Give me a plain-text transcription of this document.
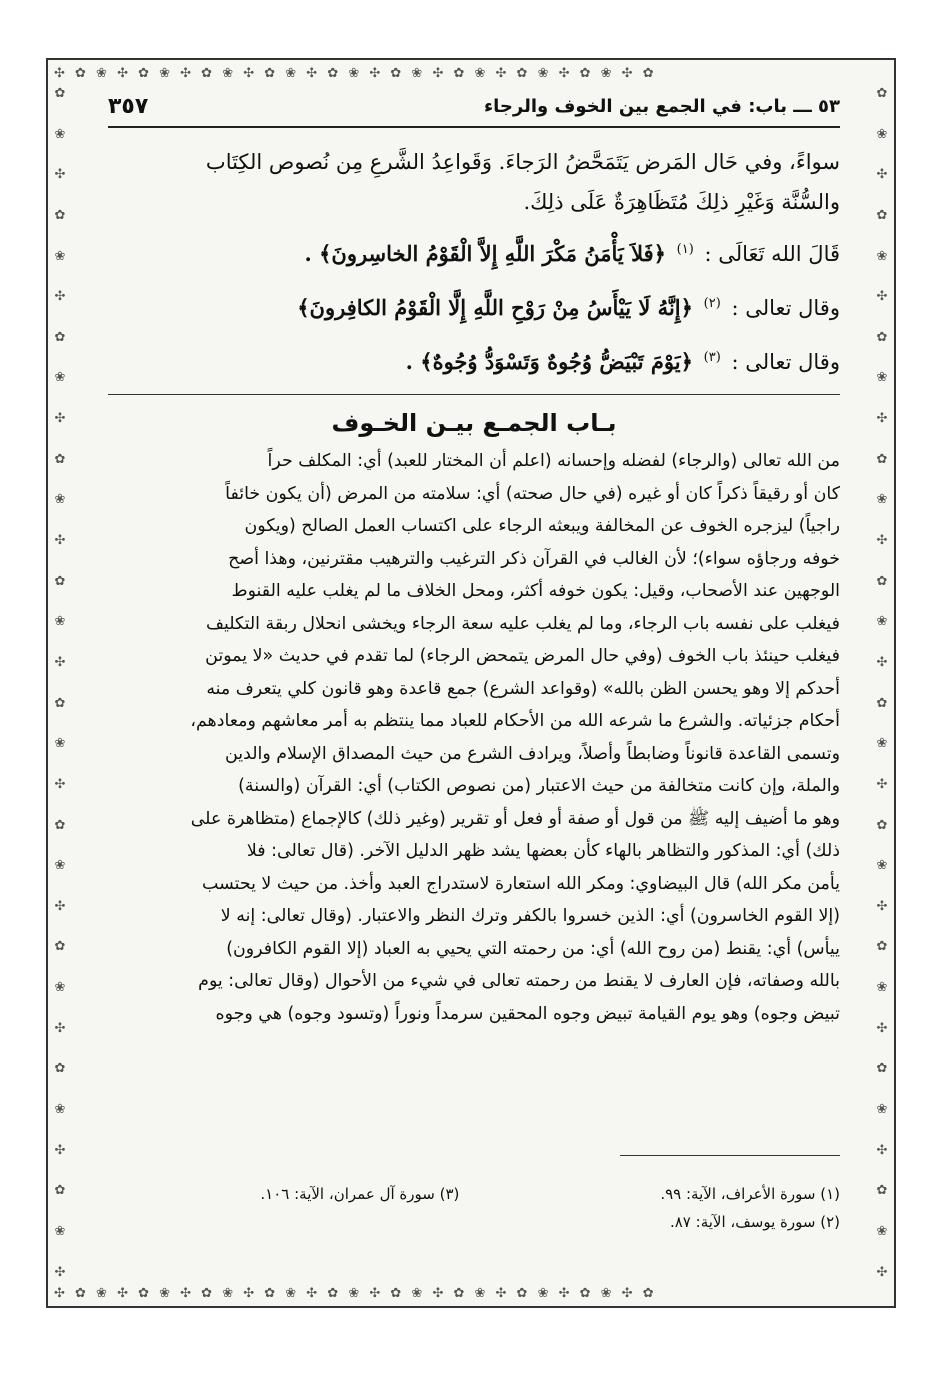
✣ ✿ ❀ ✣ ✿ ❀ ✣ ✿ ❀ ✣ ✿ ❀ ✣ ✿ ❀ ✣ ✿ ❀ ✣ ✿ ❀ ✣ ✿ ❀ ✣ ✿ ❀ ✣ ✿
✣ ✿ ❀ ✣ ✿ ❀ ✣ ✿ ❀ ✣ ✿ ❀ ✣ ✿ ❀ ✣ ✿ ❀ ✣ ✿ ❀ ✣ ✿ ❀ ✣ ✿ ❀ ✣ ✿
✿
❀
✣
✿
❀
✣
✿
❀
✣
✿
❀
✣
✿
❀
✣
✿
❀
✣
✿
❀
✣
✿
❀
✣
✿
❀
✣
✿
❀
✣
✿
❀
✣
✿
❀
✣
✿
❀
✣
✿
❀
✣
✿
❀
✣
✿
❀
✣
✿
❀
✣
✿
❀
✣
✿
❀
✣
✿
❀
✣
٥٣ ـــ باب: في الجمع بين الخوف والرجاء
٣٥٧

سواءً، وفي حَال المَرض يَتَمَحَّضُ الرَجاءَ. وَقَواعِدُ الشَّرعِ مِن نُصوص الكِتَاب

والسُّنَّة وَغَيْرِ ذلِكَ مُتَظَاهِرَةٌ عَلَى ذلِكَ.

قَالَ الله تَعَالَى : $^{(١)}$ ﴿فَلاَ يَأْمَنُ مَكْرَ اللَّهِ إِلاَّ الْقَوْمُ الخاسِرونَ﴾ .
وقال تعالى : $^{(٢)}$ ﴿إِنَّهُ لَا يَيْأَسُ مِنْ رَوْحِ اللَّهِ إِلَّا الْقَوْمُ الكافِرونَ﴾
وقال تعالى : $^{(٣)}$ ﴿يَوْمَ تَبْيَضُّ وُجُوهٌ وَتَسْوَدُّ وُجُوهٌ﴾ .
بـاب الجمـع بيـن الخـوف

من الله تعالى (والرجاء) لفضله وإحسانه (اعلم أن المختار للعبد) أي: المكلف حراً

كان أو رقيقاً ذكراً كان أو غيره (في حال صحته) أي: سلامته من المرض (أن يكون خائفاً

راجياً) ليزجره الخوف عن المخالفة ويبعثه الرجاء على اكتساب العمل الصالح (ويكون

خوفه ورجاؤه سواء)؛ لأن الغالب في القرآن ذكر الترغيب والترهيب مقترنين، وهذا أصح

الوجهين عند الأصحاب، وقيل: يكون خوفه أكثر، ومحل الخلاف ما لم يغلب عليه القنوط

فيغلب على نفسه باب الرجاء، وما لم يغلب عليه سعة الرجاء ويخشى انحلال ربقة التكليف

فيغلب حينئذ باب الخوف (وفي حال المرض يتمحض الرجاء) لما تقدم في حديث «لا يموتن

أحدكم إلا وهو يحسن الظن بالله» (وقواعد الشرع) جمع قاعدة وهو قانون كلي يتعرف منه

أحكام جزئياته. والشرع ما شرعه الله من الأحكام للعباد مما ينتظم به أمر معاشهم ومعادهم،

وتسمى القاعدة قانوناً وضابطاً وأصلاً، ويرادف الشرع من حيث المصداق الإسلام والدين

والملة، وإن كانت متخالفة من حيث الاعتبار (من نصوص الكتاب) أي: القرآن (والسنة)

وهو ما أضيف إليه ﷺ من قول أو صفة أو فعل أو تقرير (وغير ذلك) كالإجماع (متظاهرة على

ذلك) أي: المذكور والتظاهر بالهاء كأن بعضها يشد ظهر الدليل الآخر. (قال تعالى: فلا

يأمن مكر الله) قال البيضاوي: ومكر الله استعارة لاستدراج العبد وأخذ. من حيث لا يحتسب

(إلا القوم الخاسرون) أي: الذين خسروا بالكفر وترك النظر والاعتبار. (وقال تعالى: إنه لا

ييأس) أي: يقنط (من روح الله) أي: من رحمته التي يحيي به العباد (إلا القوم الكافرون)

بالله وصفاته، فإن العارف لا يقنط من رحمته تعالى في شيء من الأحوال (وقال تعالى: يوم

تبيض وجوه) وهو يوم القيامة تبيض وجوه المحقين سرمداً ونوراً (وتسود وجوه) هي وجوه

(١) سورة الأعراف، الآية: ٩٩.
(٣) سورة آل عمران، الآية: ١٠٦.
(٢) سورة يوسف، الآية: ٨٧.
